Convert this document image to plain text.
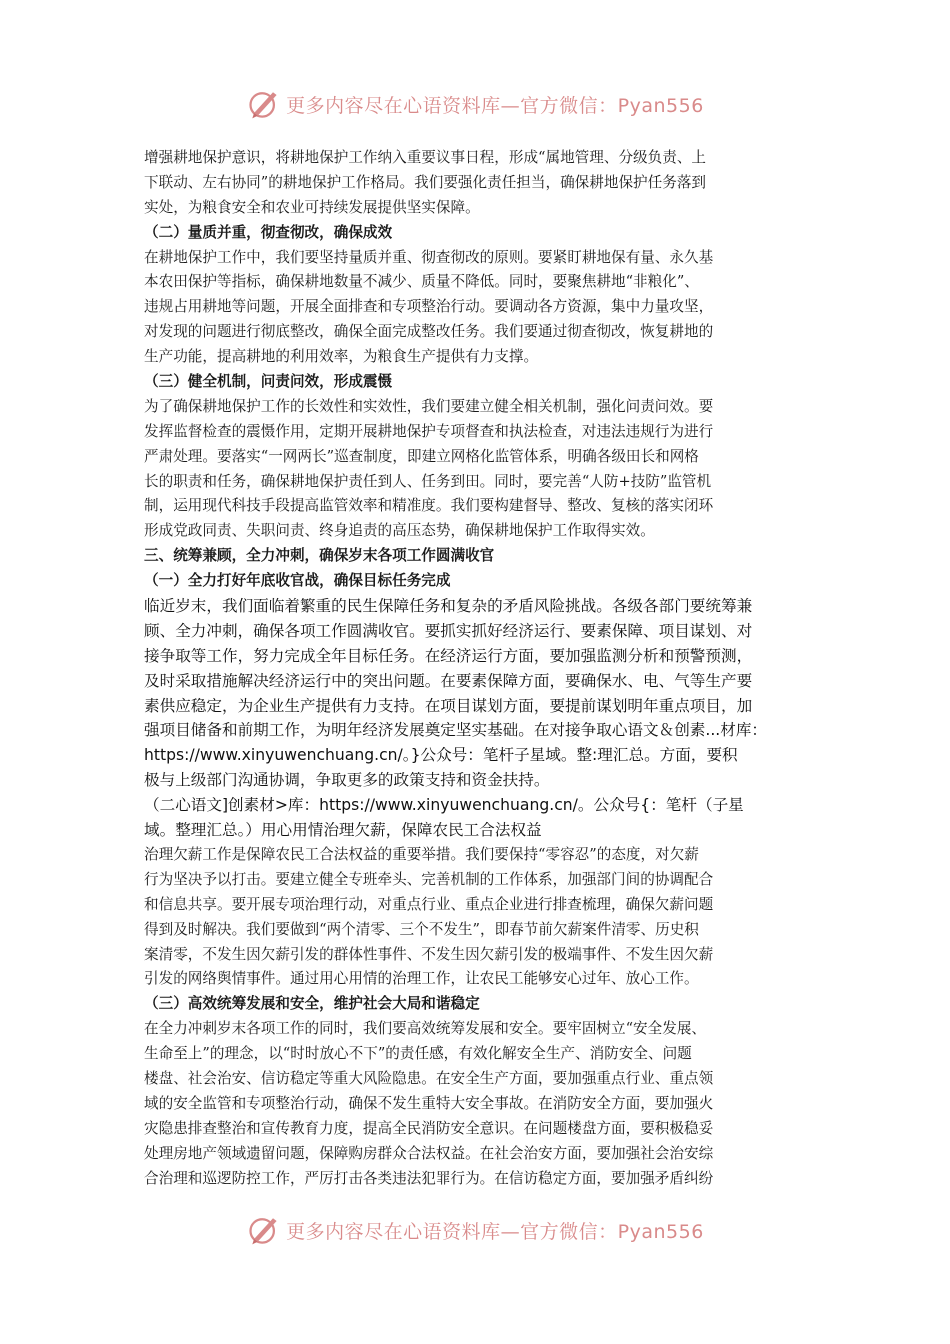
更多内容尽在心语资料库—官方微信：Pyan556

增强耕地保护意识，将耕地保护工作纳入重要议事日程，形成“属地管理、分级负责、上

下联动、左右协同”的耕地保护工作格局。我们要强化责任担当，确保耕地保护任务落到

实处，为粮食安全和农业可持续发展提供坚实保障。

（二）量质并重，彻查彻改，确保成效

在耕地保护工作中，我们要坚持量质并重、彻查彻改的原则。要紧盯耕地保有量、永久基

本农田保护等指标，确保耕地数量不减少、质量不降低。同时，要聚焦耕地“非粮化”、

违规占用耕地等问题，开展全面排查和专项整治行动。要调动各方资源，集中力量攻坚，

对发现的问题进行彻底整改，确保全面完成整改任务。我们要通过彻查彻改，恢复耕地的

生产功能，提高耕地的利用效率，为粮食生产提供有力支撑。

（三）健全机制，问责问效，形成震慑

为了确保耕地保护工作的长效性和实效性，我们要建立健全相关机制，强化问责问效。要

发挥监督检查的震慑作用，定期开展耕地保护专项督查和执法检查，对违法违规行为进行

严肃处理。要落实“一网两长”巡查制度，即建立网格化监管体系，明确各级田长和网格

长的职责和任务，确保耕地保护责任到人、任务到田。同时，要完善“人防+技防”监管机

制，运用现代科技手段提高监管效率和精准度。我们要构建督导、整改、复核的落实闭环

形成党政同责、失职问责、终身追责的高压态势，确保耕地保护工作取得实效。

三、统筹兼顾，全力冲刺，确保岁末各项工作圆满收官

（一）全力打好年底收官战，确保目标任务完成

临近岁末，我们面临着繁重的民生保障任务和复杂的矛盾风险挑战。各级各部门要统筹兼

顾、全力冲刺，确保各项工作圆满收官。要抓实抓好经济运行、要素保障、项目谋划、对

接争取等工作，努力完成全年目标任务。在经济运行方面，要加强监测分析和预警预测，

及时采取措施解决经济运行中的突出问题。在要素保障方面，要确保水、电、气等生产要

素供应稳定，为企业生产提供有力支持。在项目谋划方面，要提前谋划明年重点项目，加

强项目储备和前期工作，为明年经济发展奠定坚实基础。在对接争取心语文＆创素...材库：

https://www.xinyuwenchuang.cn/。}公众号：笔杆子星域。整:理汇总。方面，要积

极与上级部门沟通协调，争取更多的政策支持和资金扶持。

（二心语文]创素材>库：https://www.xinyuwenchuang.cn/。公众号{：笔杆（子星

域。整理汇总。）用心用情治理欠薪，保障农民工合法权益

治理欠薪工作是保障农民工合法权益的重要举措。我们要保持“零容忍”的态度，对欠薪

行为坚决予以打击。要建立健全专班牵头、完善机制的工作体系，加强部门间的协调配合

和信息共享。要开展专项治理行动，对重点行业、重点企业进行排查梳理，确保欠薪问题

得到及时解决。我们要做到“两个清零、三个不发生”，即春节前欠薪案件清零、历史积

案清零，不发生因欠薪引发的群体性事件、不发生因欠薪引发的极端事件、不发生因欠薪

引发的网络舆情事件。通过用心用情的治理工作，让农民工能够安心过年、放心工作。

（三）高效统筹发展和安全，维护社会大局和谐稳定

在全力冲刺岁末各项工作的同时，我们要高效统筹发展和安全。要牢固树立“安全发展、

生命至上”的理念，以“时时放心不下”的责任感，有效化解安全生产、消防安全、问题

楼盘、社会治安、信访稳定等重大风险隐患。在安全生产方面，要加强重点行业、重点领

域的安全监管和专项整治行动，确保不发生重特大安全事故。在消防安全方面，要加强火

灾隐患排查整治和宣传教育力度，提高全民消防安全意识。在问题楼盘方面，要积极稳妥

处理房地产领域遗留问题，保障购房群众合法权益。在社会治安方面，要加强社会治安综

合治理和巡逻防控工作，严厉打击各类违法犯罪行为。在信访稳定方面，要加强矛盾纠纷

更多内容尽在心语资料库—官方微信：Pyan556
